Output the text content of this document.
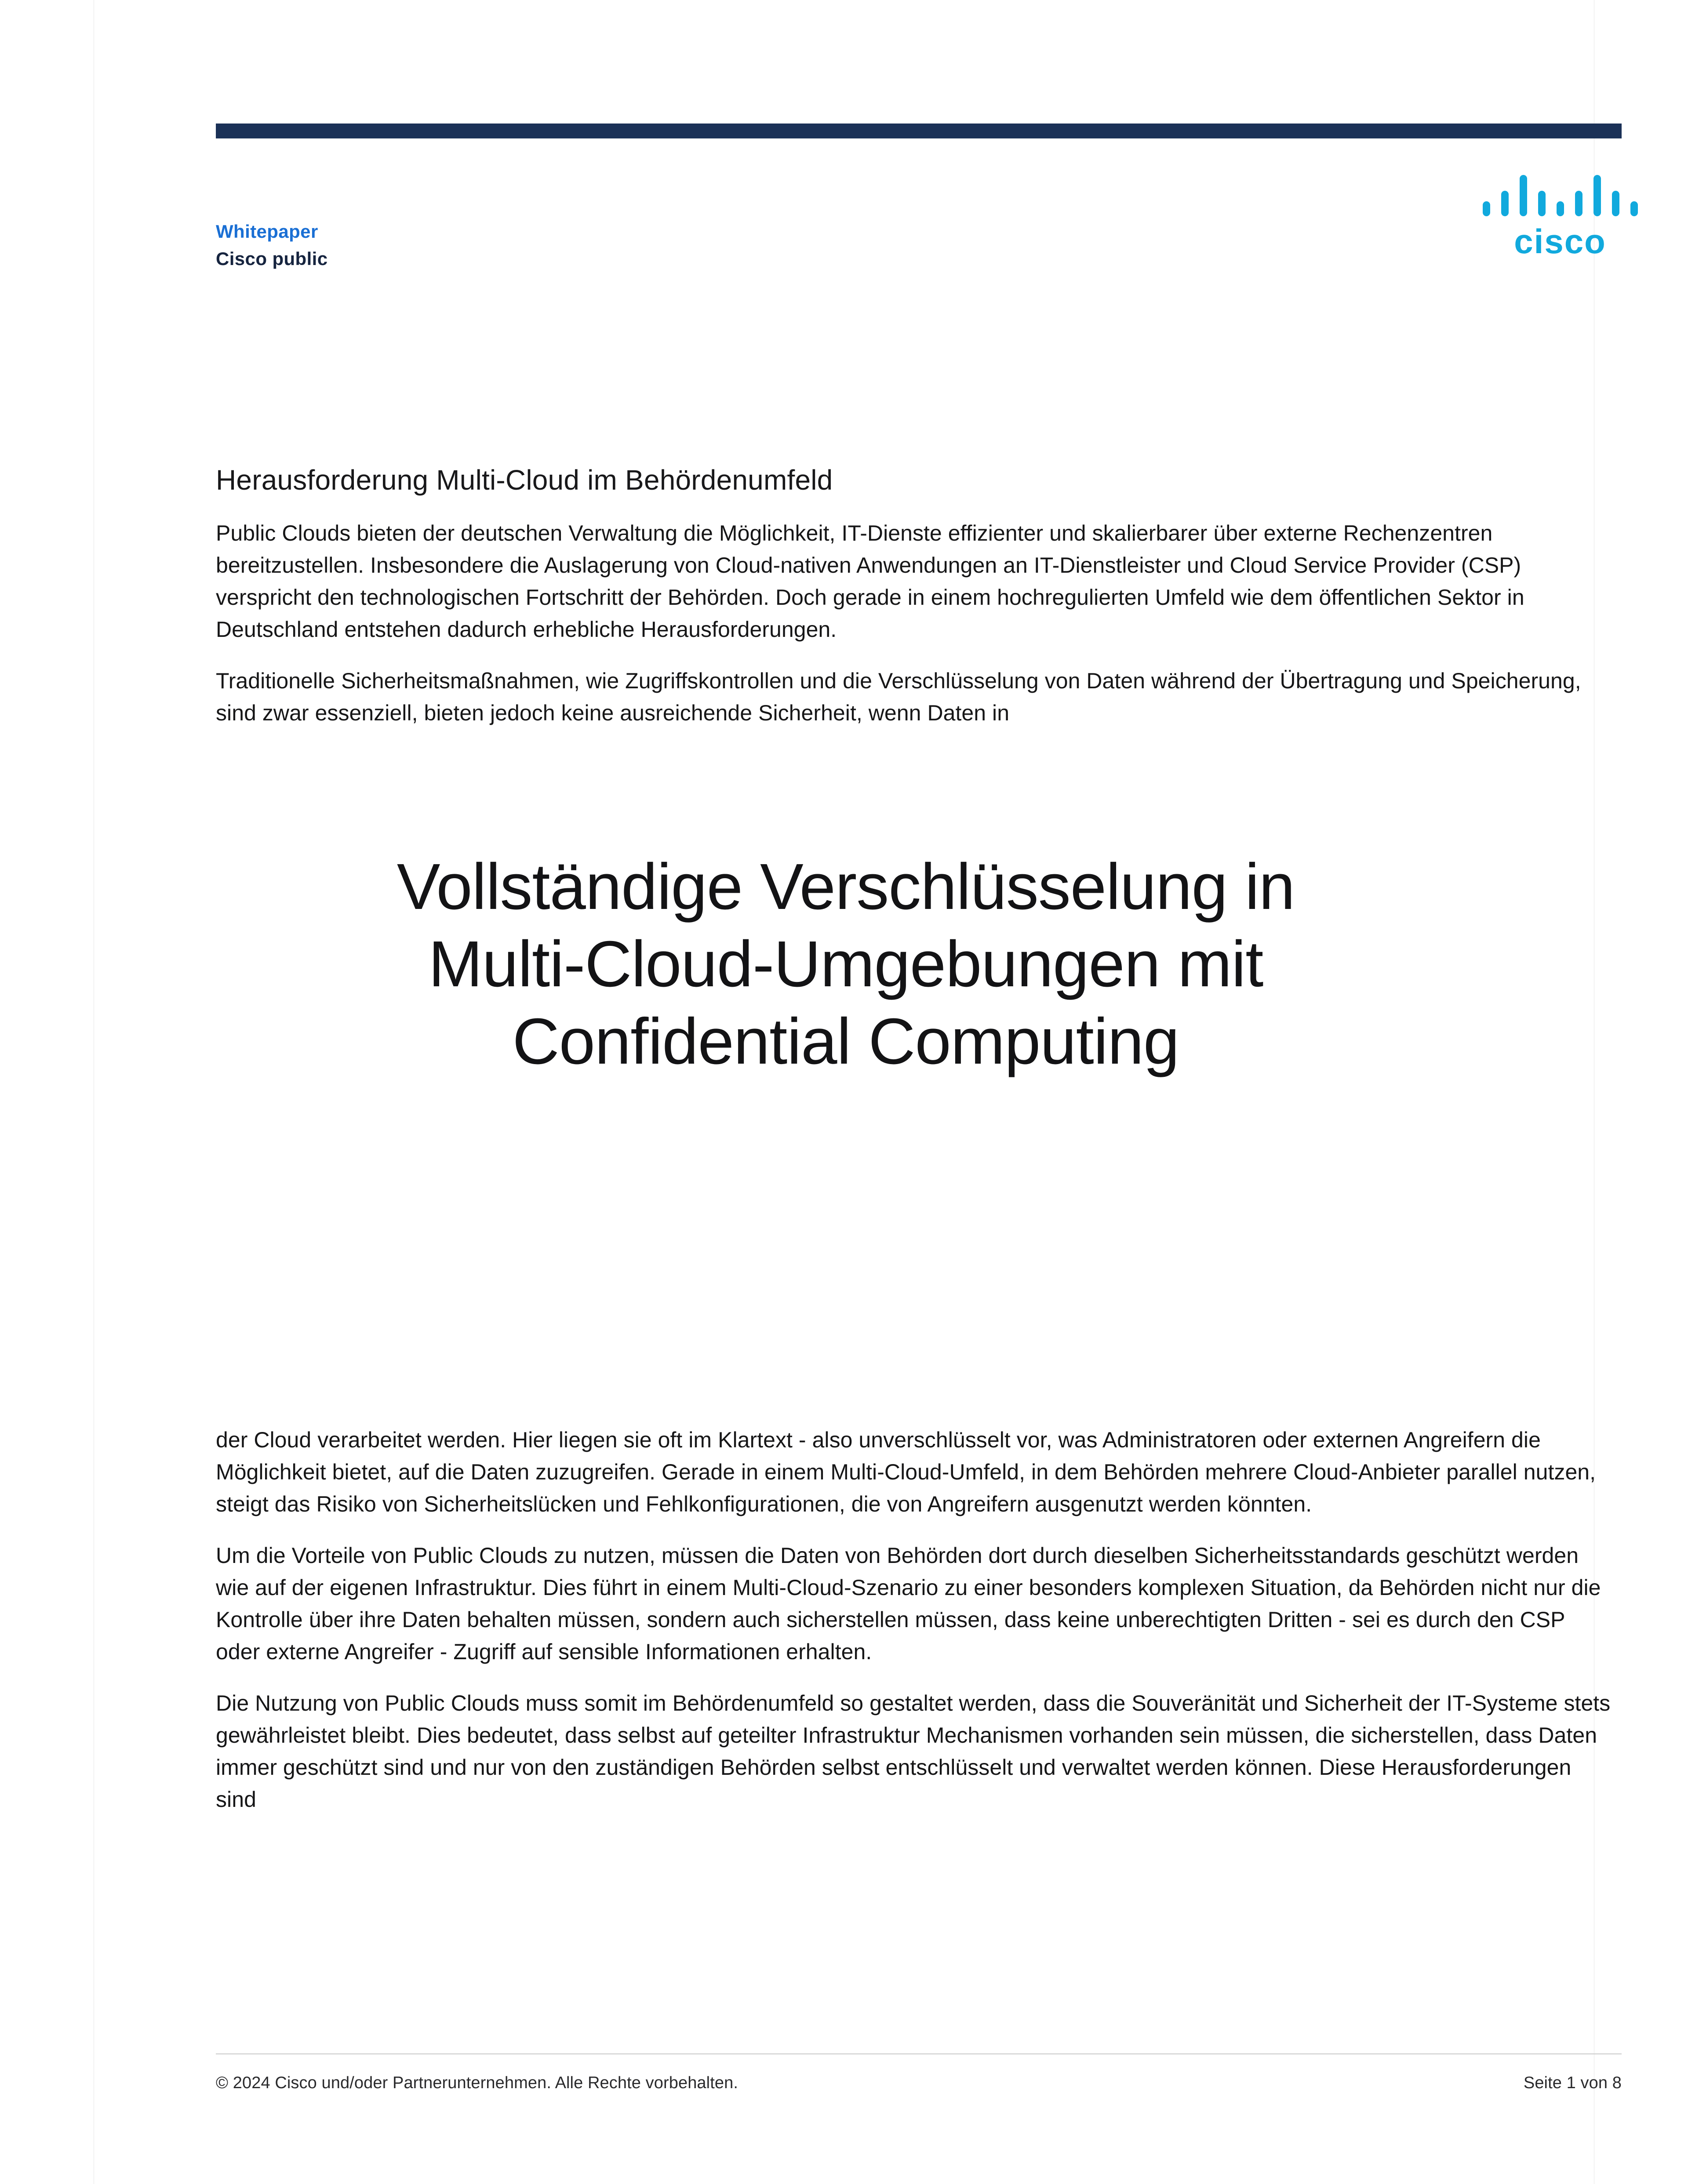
Whitepaper
Cisco public	cisco
Herausforderung Multi-Cloud im Behördenumfeld

Public Clouds bieten der deutschen Verwaltung die Möglichkeit, IT-Dienste effizienter und skalierbarer über externe Rechenzentren bereitzustellen. Insbesondere die Auslagerung von Cloud-nativen Anwendungen an IT-Dienstleister und Cloud Service Provider (CSP) verspricht den technologischen Fortschritt der Behörden. Doch gerade in einem hochregulierten Umfeld wie dem öffentlichen Sektor in Deutschland entstehen dadurch erhebliche Herausforderungen.

Traditionelle Sicherheitsmaßnahmen, wie Zugriffskontrollen und die Verschlüsselung von Daten während der Übertragung und Speicherung, sind zwar essenziell, bieten jedoch keine ausreichende Sicherheit, wenn Daten in

Vollständige Verschlüsselung in
Multi-Cloud-Umgebungen mit
Confidential Computing

der Cloud verarbeitet werden. Hier liegen sie oft im Klartext - also unverschlüsselt vor, was Administratoren oder externen Angreifern die Möglichkeit bietet, auf die Daten zuzugreifen. Gerade in einem Multi-Cloud-Umfeld, in dem Behörden mehrere Cloud-Anbieter parallel nutzen, steigt das Risiko von Sicherheitslücken und Fehlkonfigurationen, die von Angreifern ausgenutzt werden könnten.

Um die Vorteile von Public Clouds zu nutzen, müssen die Daten von Behörden dort durch dieselben Sicherheitsstandards geschützt werden wie auf der eigenen Infrastruktur. Dies führt in einem Multi-Cloud-Szenario zu einer besonders komplexen Situation, da Behörden nicht nur die Kontrolle über ihre Daten behalten müssen, sondern auch sicherstellen müssen, dass keine unberechtigten Dritten - sei es durch den CSP oder externe Angreifer - Zugriff auf sensible Informationen erhalten.

Die Nutzung von Public Clouds muss somit im Behördenumfeld so gestaltet werden, dass die Souveränität und Sicherheit der IT-Systeme stets gewährleistet bleibt. Dies bedeutet, dass selbst auf geteilter Infrastruktur Mechanismen vorhanden sein müssen, die sicherstellen, dass Daten immer geschützt sind und nur von den zuständigen Behörden selbst entschlüsselt und verwaltet werden können. Diese Herausforderungen sind

© 2024 Cisco und/oder Partnerunternehmen. Alle Rechte vorbehalten.	Seite 1 von 8
